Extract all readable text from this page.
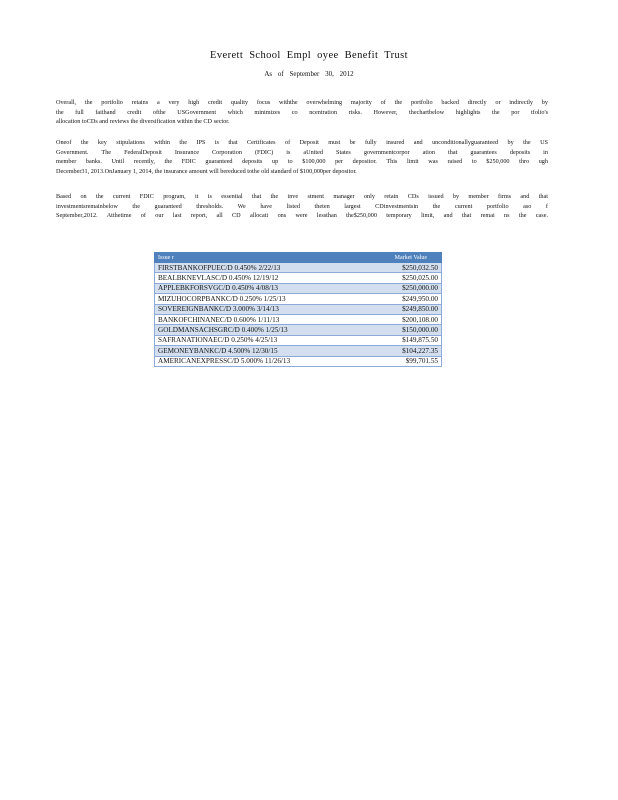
Everett School Empl oyee Benefit Trust
As of September 30, 2012
Overall, the portfolio retains a very high credit quality focus withthe overwhelming majority of the portfolio backed directly or indirectly by
the full faithand credit ofthe USGovernment which minimizes co ncentration risks. However, thechartbelow highlights the por tfolio's
allocation toCDs and reviews the diversification within the CD sector.
Oneof the key stipulations within the IPS is that Certificates of Deposit must be fully insured and unconditionallyguaranteed by the US
Government. The FederalDeposit Insurance Corporation (FDIC) is aUnited States governmentcorpor ation that guarantees deposits in
member banks. Until recently, the FDIC guaranteed deposits up to $100,000 per depositor. This limit was raised to $250,000 thro ugh
December31, 2013.OnJanuary 1, 2014, the insurance amount will bereduced tothe old standard of $100,000per depositor.
Based on the current FDIC program, it is essential that the inve stment manager only retain CDs issued by member firms and that
investmentsremainbelow the guaranteed thresholds. We have listed theten largest CDinvestmentsin the current portfolio aso f
September,2012. Atthetime of our last report, all CD allocati ons were lessthan the$250,000 temporary limit, and that remai ns the case.
Issue r	Market Value
FIRSTBANKOFPUEC/D 0.450% 2/22/13	$250,032.50
BEALBKNEVLASC/D 0.450% 12/19/12	$250,025.00
APPLEBKFORSVGC/D 0.450% 4/08/13	$250,000.00
MIZUHOCORPBANKC/D 0.250% 1/25/13	$249,950.00
SOVEREIGNBANKC/D 3.000% 3/14/13	$249,850.00
BANKOFCHINANEC/D 0.600% 1/11/13	$200,108.00
GOLDMANSACHSGRC/D 0.400% 1/25/13	$150,000.00
SAFRANATIONAEC/D 0.250% 4/25/13	$149,875.50
GEMONEYBANKC/D 4.500% 12/30/15	$104,227.35
AMERICANEXPRESSC/D 5.000% 11/26/13	$99,701.55
